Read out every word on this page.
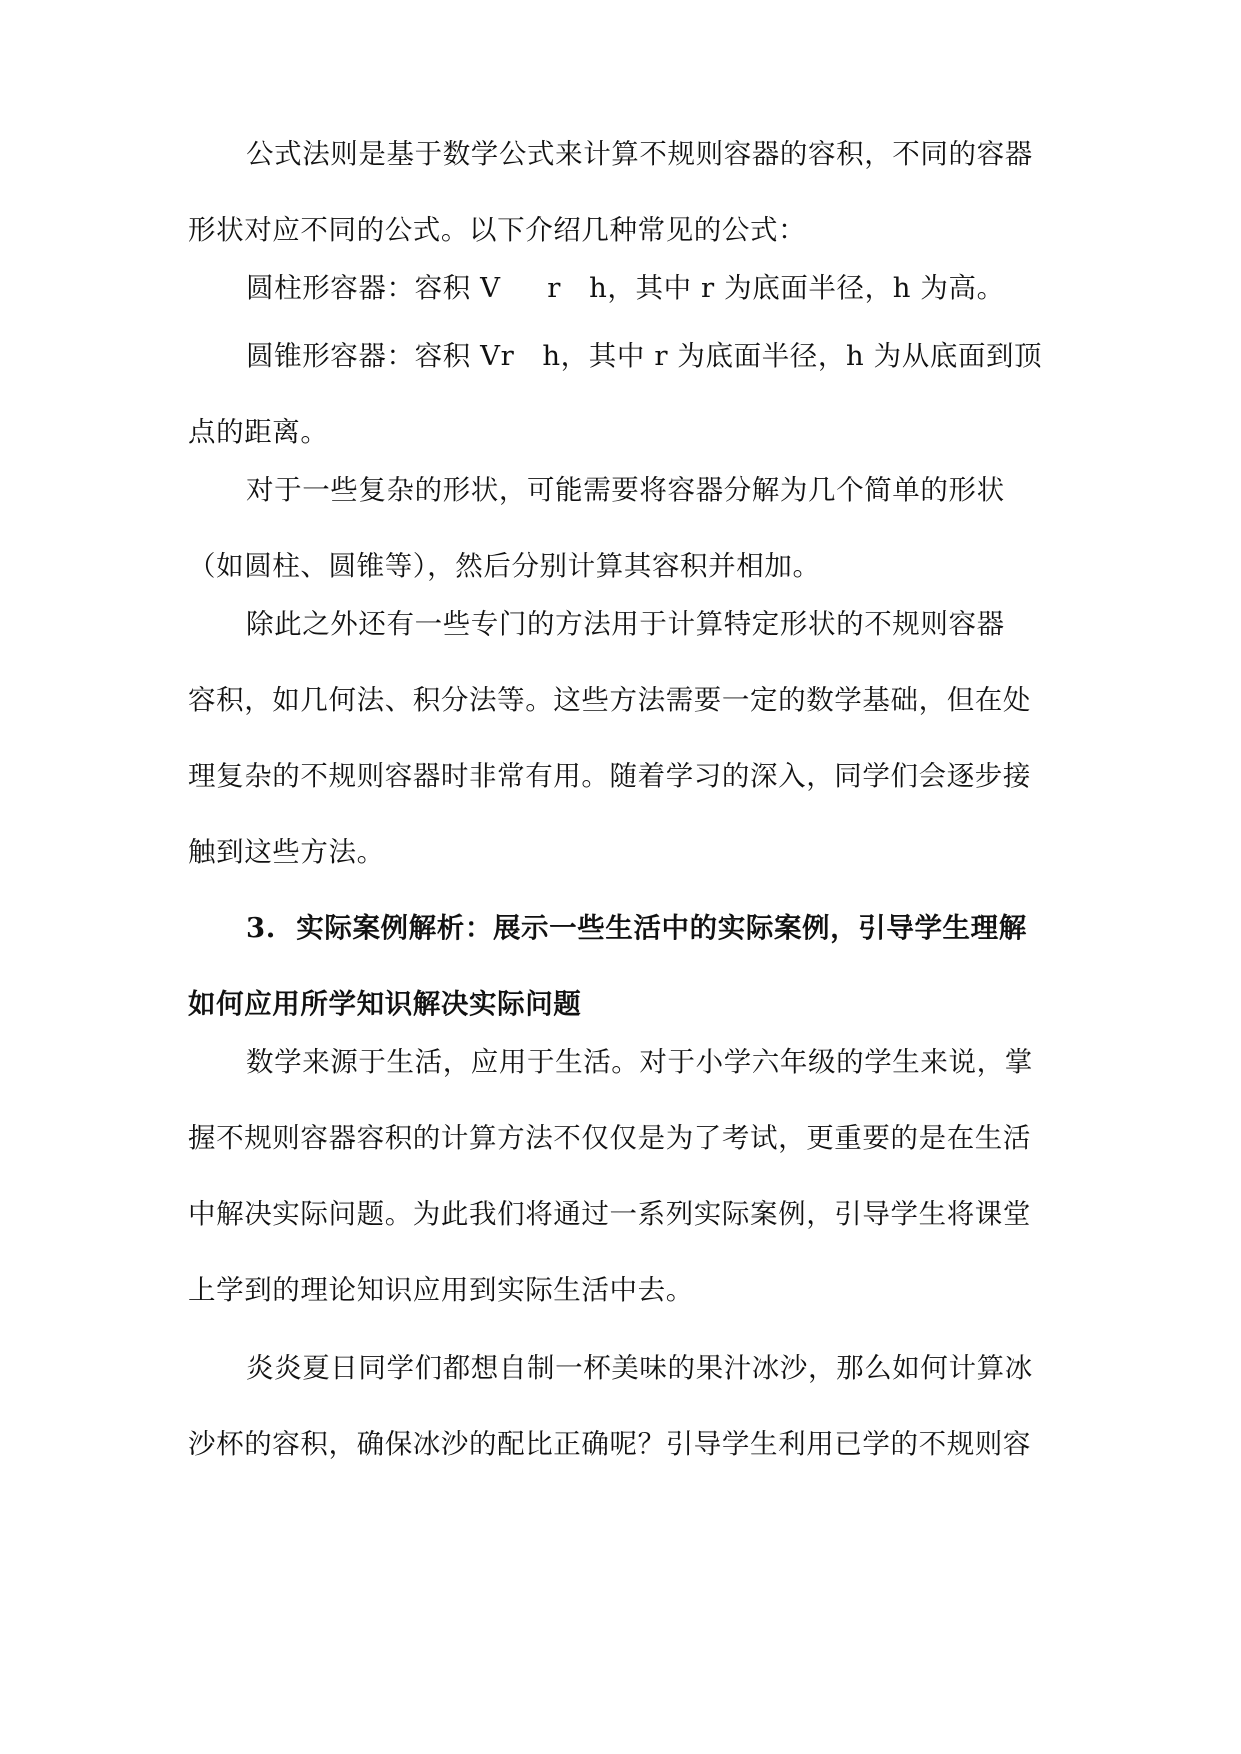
公式法则是基于数学公式来计算不规则容器的容积，不同的容器
形状对应不同的公式。以下介绍几种常见的公式：
圆柱形容器：容积 V     r   h，其中 r 为底面半径，h 为高。
圆锥形容器：容积 Vr   h，其中 r 为底面半径，h 为从底面到顶
点的距离。
对于一些复杂的形状，可能需要将容器分解为几个简单的形状
（如圆柱、圆锥等），然后分别计算其容积并相加。
除此之外还有一些专门的方法用于计算特定形状的不规则容器
容积，如几何法、积分法等。这些方法需要一定的数学基础，但在处
理复杂的不规则容器时非常有用。随着学习的深入，同学们会逐步接
触到这些方法。
3.  实际案例解析：展示一些生活中的实际案例，引导学生理解
如何应用所学知识解决实际问题
数学来源于生活，应用于生活。对于小学六年级的学生来说，掌
握不规则容器容积的计算方法不仅仅是为了考试，更重要的是在生活
中解决实际问题。为此我们将通过一系列实际案例，引导学生将课堂
上学到的理论知识应用到实际生活中去。
炎炎夏日同学们都想自制一杯美味的果汁冰沙，那么如何计算冰
沙杯的容积，确保冰沙的配比正确呢？引导学生利用已学的不规则容
